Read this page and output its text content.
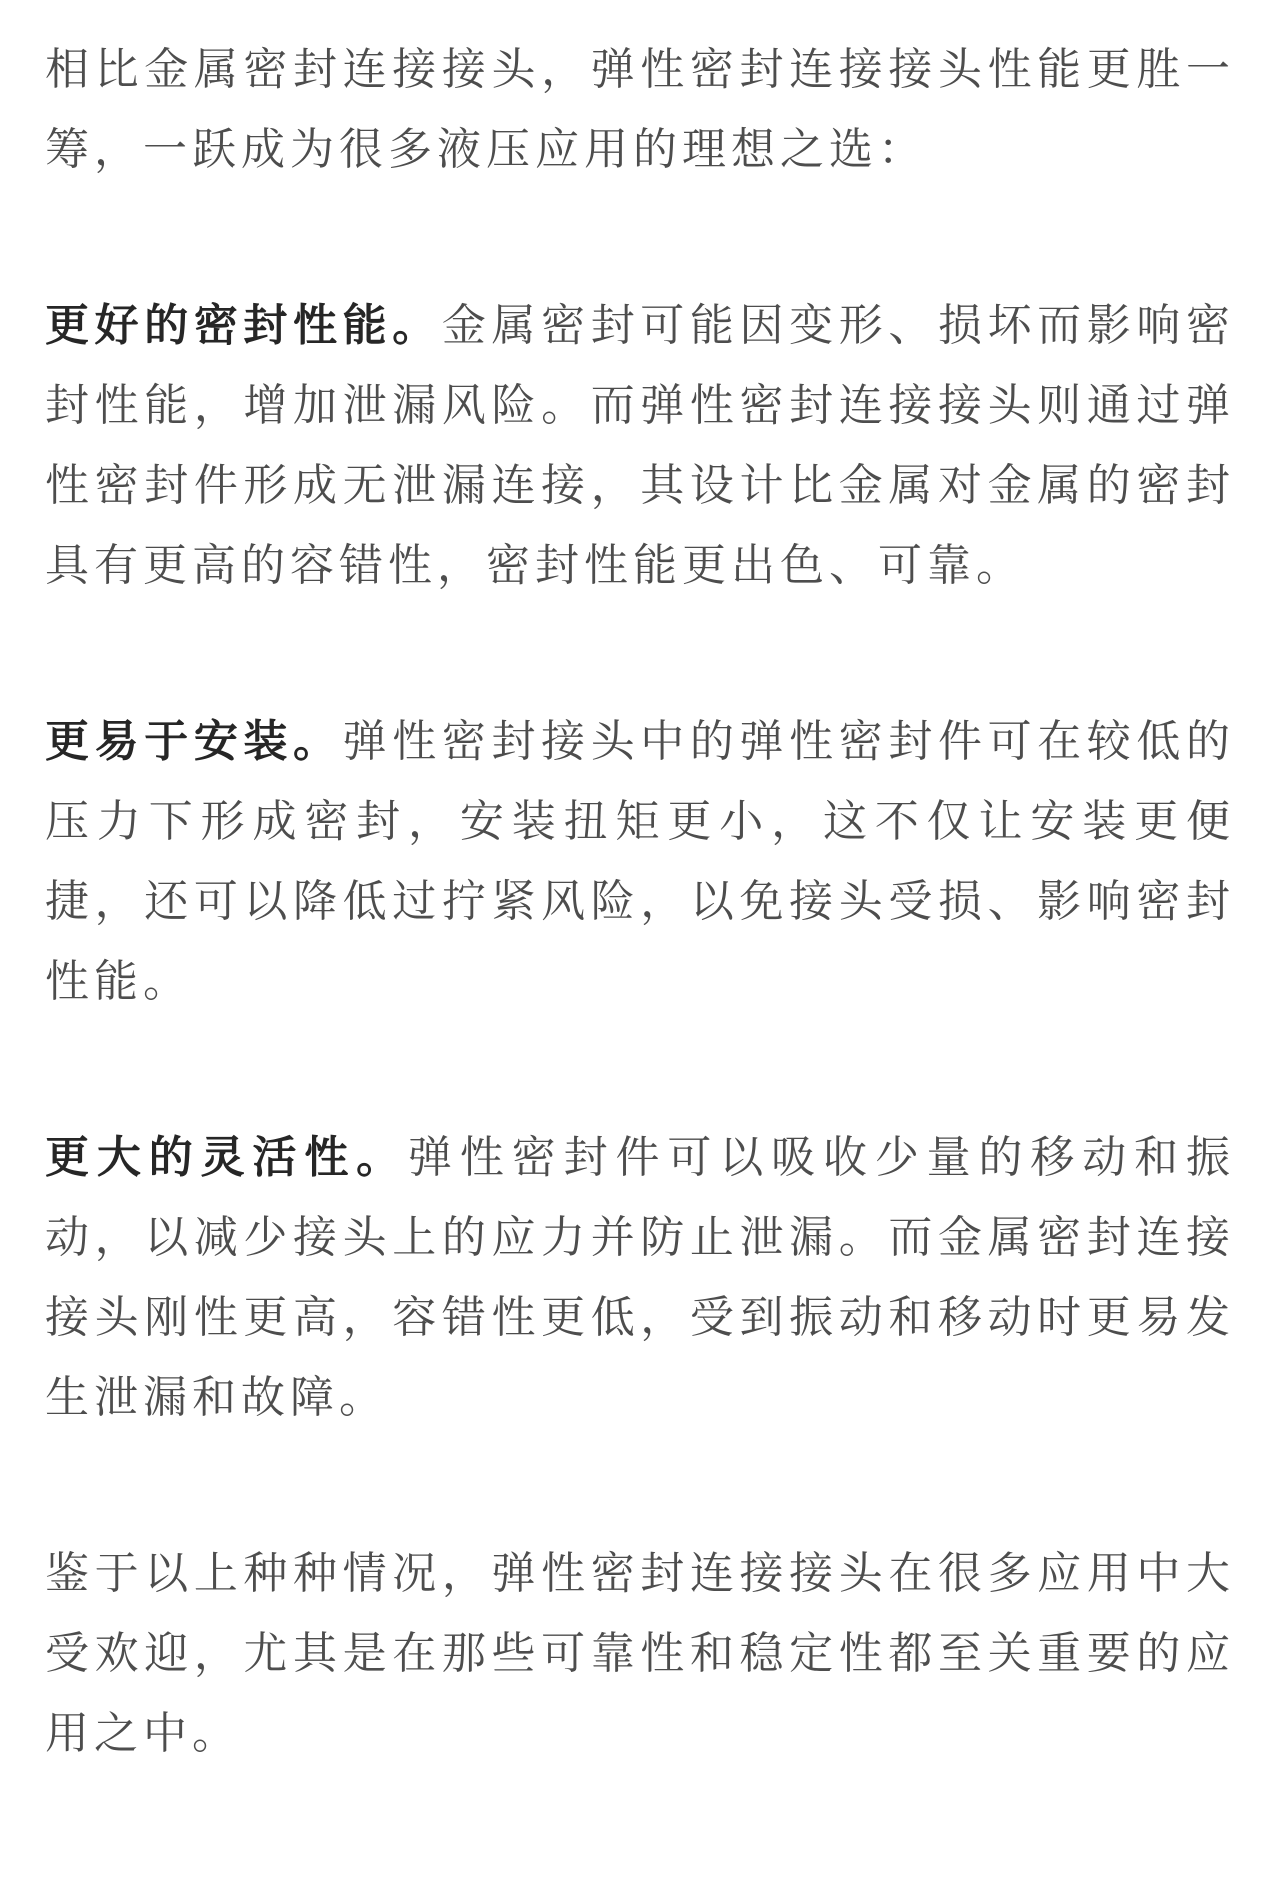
相比金属密封连接接头，弹性密封连接接头性能更胜一筹，一跃成为很多液压应用的理想之选：

更好的密封性能。金属密封可能因变形、损坏而影响密封性能，增加泄漏风险。而弹性密封连接接头则通过弹性密封件形成无泄漏连接，其设计比金属对金属的密封具有更高的容错性，密封性能更出色、可靠。

更易于安装。弹性密封接头中的弹性密封件可在较低的压力下形成密封，安装扭矩更小，这不仅让安装更便捷，还可以降低过拧紧风险，以免接头受损、影响密封性能。

更大的灵活性。弹性密封件可以吸收少量的移动和振动，以减少接头上的应力并防止泄漏。而金属密封连接接头刚性更高，容错性更低，受到振动和移动时更易发生泄漏和故障。

鉴于以上种种情况，弹性密封连接接头在很多应用中大受欢迎，尤其是在那些可靠性和稳定性都至关重要的应用之中。
